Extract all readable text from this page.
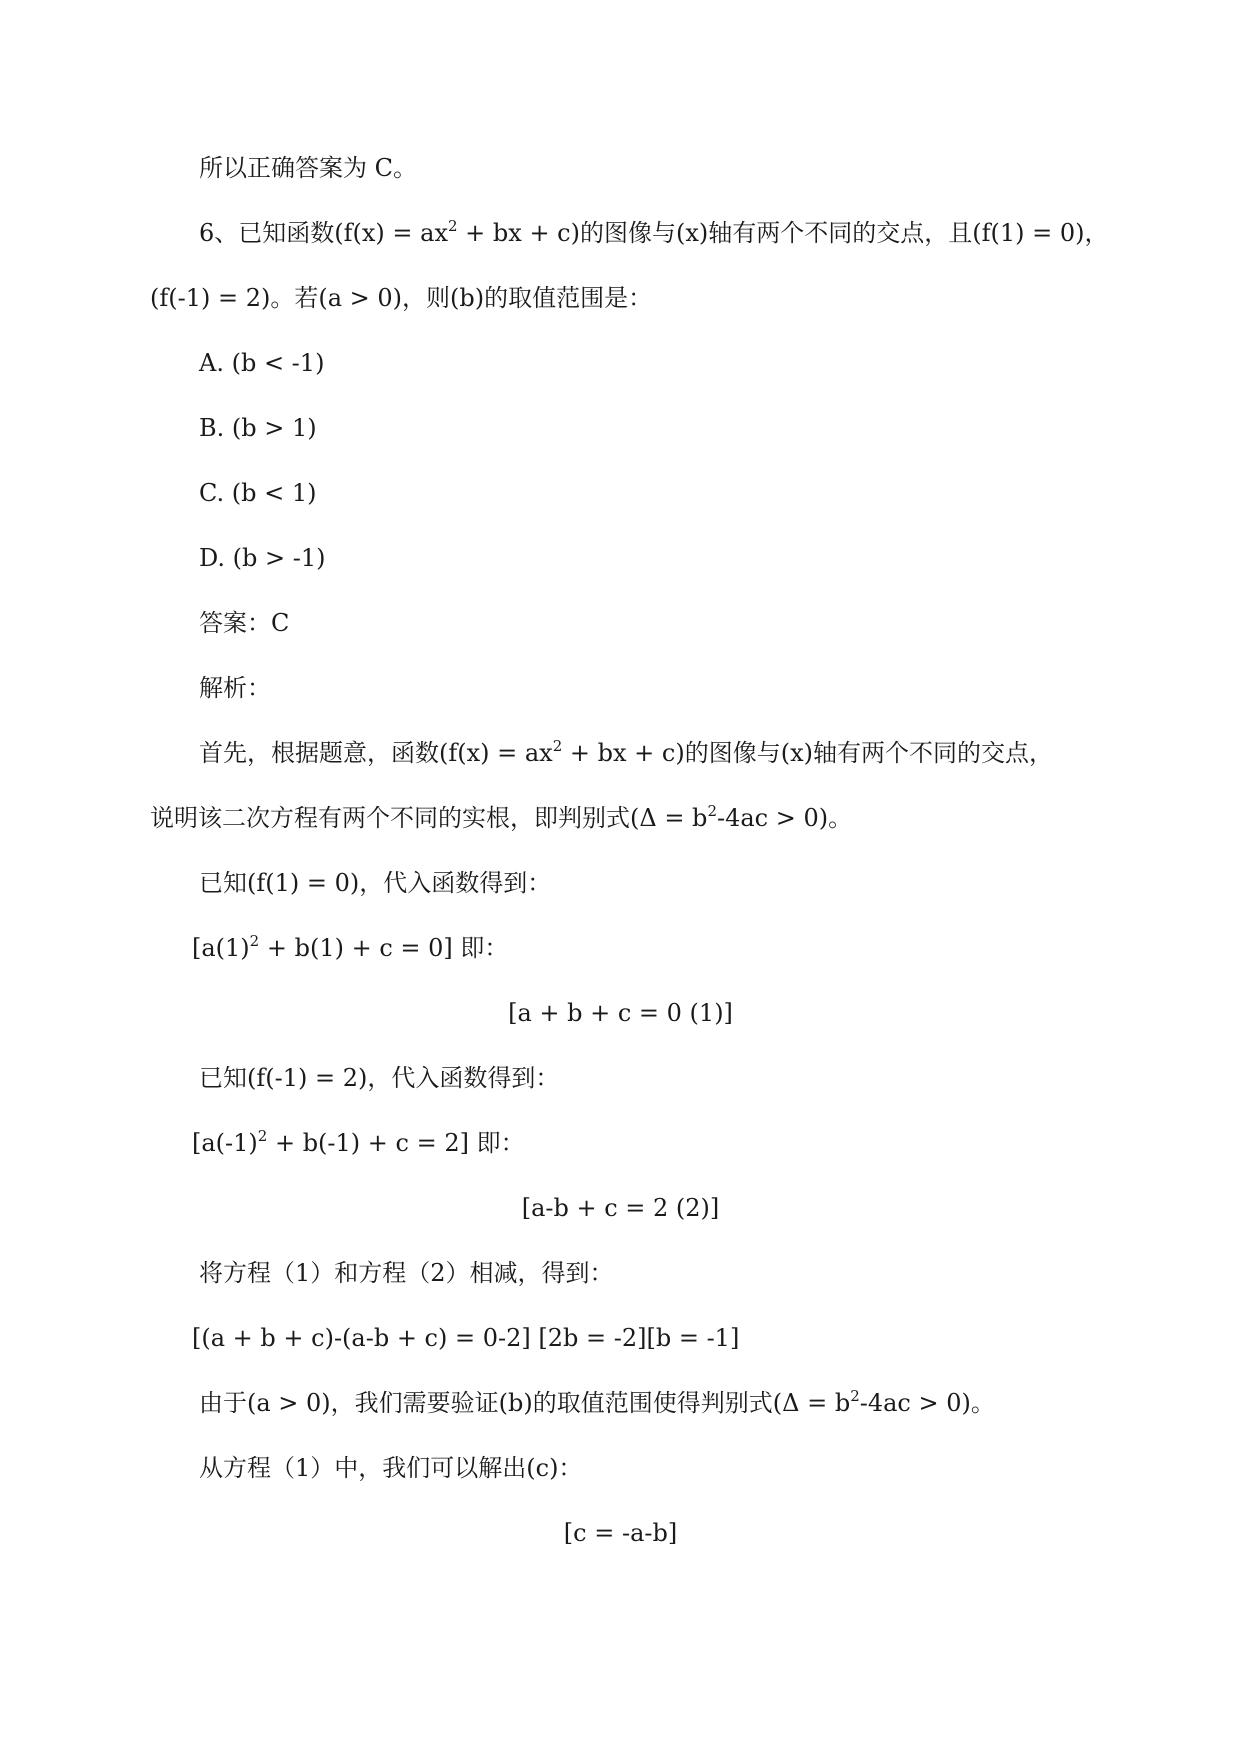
所以正确答案为 C。

6、已知函数($f(x) = ax^2$ + bx + c)的图像与(x)轴有两个不同的交点，且(f(1) = 0)，

(f(-1) = 2)。若(a > 0)，则(b)的取值范围是：

A. (b < -1)

B. (b > 1)

C. (b < 1)

D. (b > -1)

答案：C

解析：

首先，根据题意，函数($f(x) = ax^2$ + bx + c)的图像与(x)轴有两个不同的交点，

说明该二次方程有两个不同的实根，即判别式$(\Delta = b^2-4ac > 0)$。

已知(f(1) = 0)，代入函数得到：

$[a(1)^2 + b(1) + c = 0]$ 即：

[a + b + c = 0 (1)]

已知(f(-1) = 2)，代入函数得到：

$[a(-1)^2 + b(-1) + c = 2]$ 即：

[a-b + c = 2 (2)]

将方程（1）和方程（2）相减，得到：

[(a + b + c)-(a-b + c) = 0-2] [2b = -2][b = -1]

由于(a > 0)，我们需要验证(b)的取值范围使得判别式$(\Delta = b^2-4ac > 0)$。

从方程（1）中，我们可以解出(c)：

[c = -a-b]
